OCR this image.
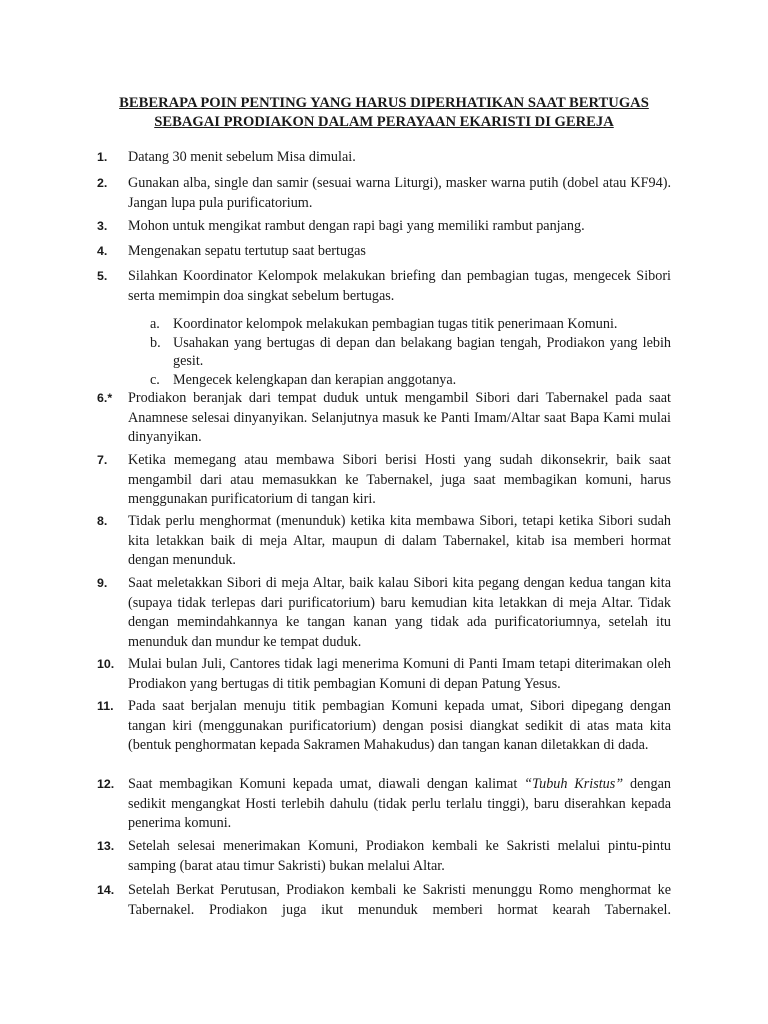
BEBERAPA POIN PENTING YANG HARUS DIPERHATIKAN SAAT BERTUGAS
SEBAGAI PRODIAKON DALAM PERAYAAN EKARISTI DI GEREJA
1.	Datang 30 menit sebelum Misa dimulai.
2.	Gunakan alba, single dan samir (sesuai warna Liturgi), masker warna putih (dobel atau KF94). Jangan lupa pula purificatorium.
3.	Mohon untuk mengikat rambut dengan rapi bagi yang memiliki rambut panjang.
4.	Mengenakan sepatu tertutup saat bertugas
5.	Silahkan Koordinator Kelompok melakukan briefing dan pembagian tugas, mengecek Sibori serta memimpin doa singkat sebelum bertugas.
a. Koordinator kelompok melakukan pembagian tugas titik penerimaan Komuni.
b. Usahakan yang bertugas di depan dan belakang bagian tengah, Prodiakon yang lebih gesit.
c. Mengecek kelengkapan dan kerapian anggotanya.
6.*	Prodiakon beranjak dari tempat duduk untuk mengambil Sibori dari Tabernakel pada saat Anamnese selesai dinyanyikan. Selanjutnya masuk ke Panti Imam/Altar saat Bapa Kami mulai dinyanyikan.
7.	Ketika memegang atau membawa Sibori berisi Hosti yang sudah dikonsekrir, baik saat mengambil dari atau memasukkan ke Tabernakel, juga saat membagikan komuni, harus menggunakan purificatorium di tangan kiri.
8.	Tidak perlu menghormat (menunduk) ketika kita membawa Sibori, tetapi ketika Sibori sudah kita letakkan baik di meja Altar, maupun di dalam Tabernakel, kitab isa memberi hormat dengan menunduk.
9.	Saat meletakkan Sibori di meja Altar, baik kalau Sibori kita pegang dengan kedua tangan kita (supaya tidak terlepas dari purificatorium) baru kemudian kita letakkan di meja Altar. Tidak dengan memindahkannya ke tangan kanan yang tidak ada purificatoriumnya, setelah itu menunduk dan mundur ke tempat duduk.
10. Mulai bulan Juli, Cantores tidak lagi menerima Komuni di Panti Imam tetapi diterimakan oleh Prodiakon yang bertugas di titik pembagian Komuni di depan Patung Yesus.
11.	Pada saat berjalan menuju titik pembagian Komuni kepada umat, Sibori dipegang dengan tangan kiri (menggunakan purificatorium) dengan posisi diangkat sedikit di atas mata kita (bentuk penghormatan kepada Sakramen Mahakudus) dan tangan kanan diletakkan di dada.
12. Saat membagikan Komuni kepada umat, diawali dengan kalimat “Tubuh Kristus” dengan sedikit mengangkat Hosti terlebih dahulu (tidak perlu terlalu tinggi), baru diserahkan kepada penerima komuni.
13. Setelah selesai menerimakan Komuni, Prodiakon kembali ke Sakristi melalui pintu-pintu samping (barat atau timur Sakristi) bukan melalui Altar.
14. Setelah Berkat Perutusan, Prodiakon kembali ke Sakristi menunggu Romo menghormat ke Tabernakel. Prodiakon juga ikut menunduk memberi hormat kearah Tabernakel.
